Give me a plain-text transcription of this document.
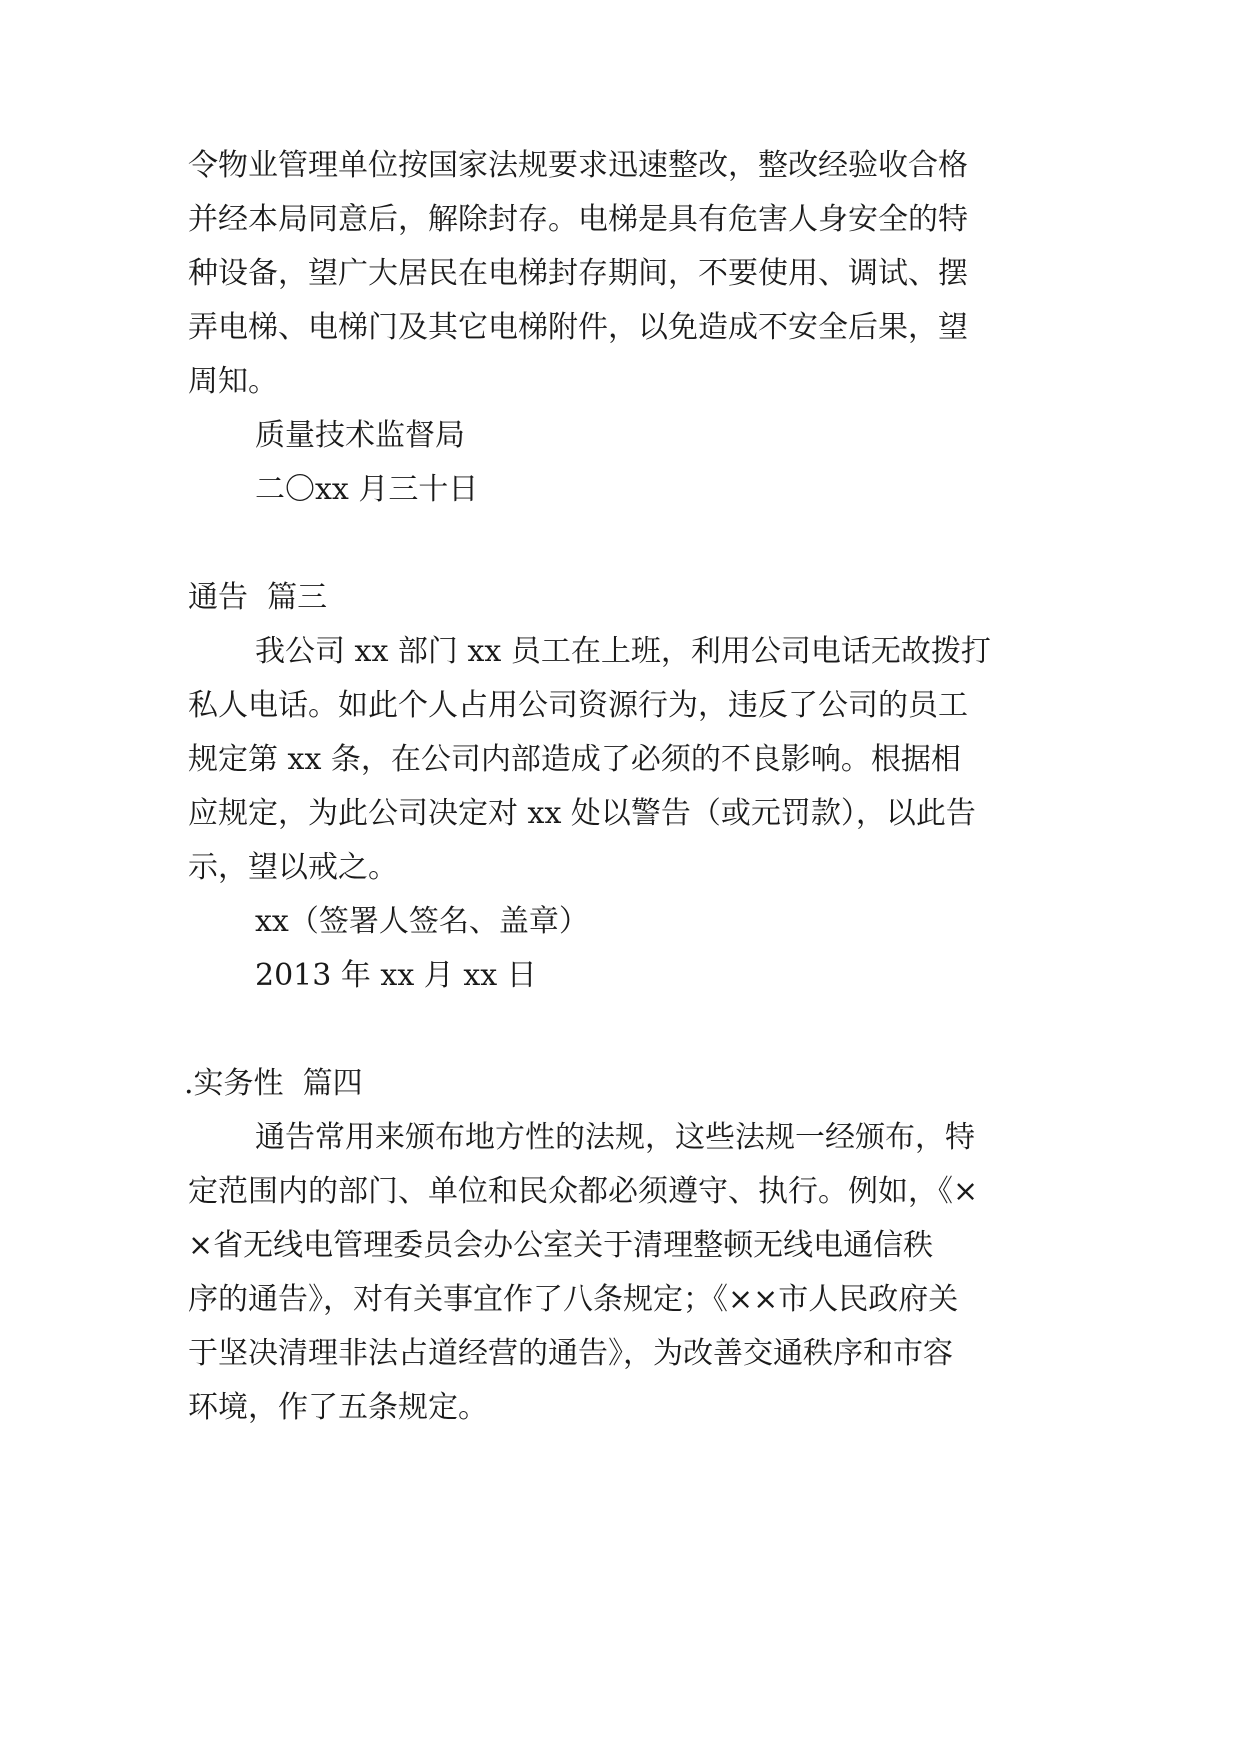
令物业管理单位按国家法规要求迅速整改，整改经验收合格
并经本局同意后，解除封存。电梯是具有危害人身安全的特
种设备，望广大居民在电梯封存期间，不要使用、调试、摆
弄电梯、电梯门及其它电梯附件，以免造成不安全后果，望
周知。
质量技术监督局
二〇xx 月三十日
通告  篇三
我公司 xx 部门 xx 员工在上班，利用公司电话无故拨打
私人电话。如此个人占用公司资源行为，违反了公司的员工
规定第 xx 条，在公司内部造成了必须的不良影响。根据相
应规定，为此公司决定对 xx 处以警告（或元罚款），以此告
示，望以戒之。
xx（签署人签名、盖章）
2013 年 xx 月 xx 日
.实务性  篇四
通告常用来颁布地方性的法规，这些法规一经颁布，特
定范围内的部门、单位和民众都必须遵守、执行。例如，《×
×省无线电管理委员会办公室关于清理整顿无线电通信秩
序的通告》，对有关事宜作了八条规定；《××市人民政府关
于坚决清理非法占道经营的通告》，为改善交通秩序和市容
环境，作了五条规定。
